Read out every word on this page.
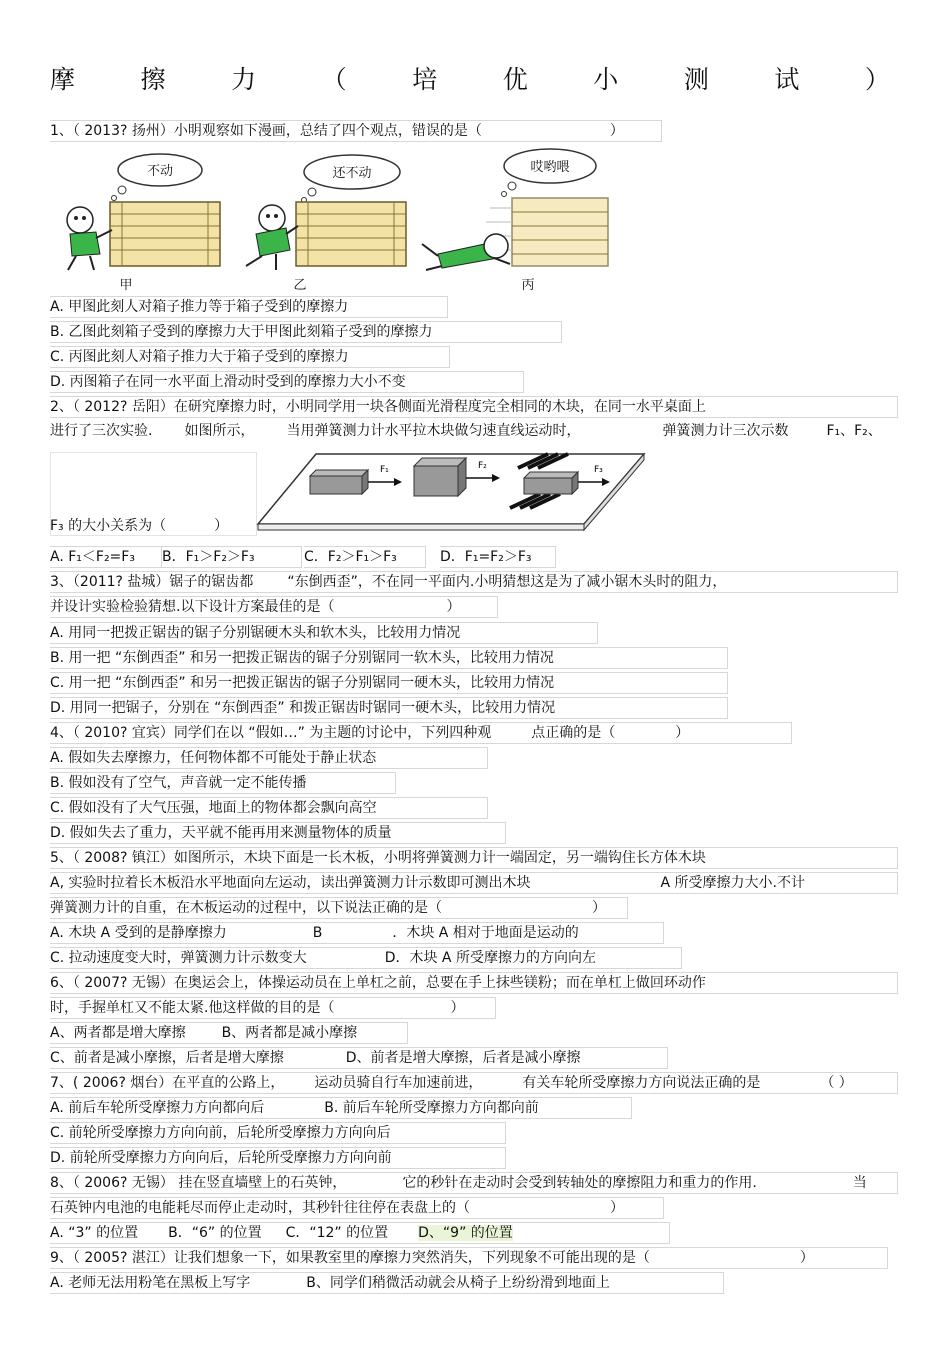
摩	擦	力	（	培	优	小	测	试	）
1、（ 2013? 扬州）小明观察如下漫画，总结了四个观点，错误的是（	）
不动
甲
还不动
乙
哎哟喂
丙
A. 甲图此刻人对箱子推力等于箱子受到的摩擦力
B. 乙图此刻箱子受到的摩擦力大于甲图此刻箱子受到的摩擦力
C. 丙图此刻人对箱子推力大于箱子受到的摩擦力
D. 丙图箱子在同一水平面上滑动时受到的摩擦力大小不变
2、（ 2012? 岳阳）在研究摩擦力时，小明同学用一块各侧面光滑程度完全相同的木块，在同一水平桌面上
进行了三次实验. 如图所示， 当用弹簧测力计水平拉木块做匀速直线运动时，	弹簧测力计三次示数	F₁、F₂、
F₃ 的大小关系为（	）
F₁	F₂	F₃
A. F₁＜F₂=F₃	B．F₁＞F₂＞F₃	C．F₂＞F₁＞F₃	D．F₁=F₂＞F₃
3、（2011? 盐城）锯子的锯齿都 “东倒西歪”，不在同一平面内.小明猜想这是为了减小锯木头时的阻力，
并设计实验检验猜想.以下设计方案最佳的是（	）
A. 用同一把拨正锯齿的锯子分别锯硬木头和软木头，比较用力情况
B. 用一把 “东倒西歪” 和另一把拨正锯齿的锯子分别锯同一软木头，比较用力情况
C. 用一把 “东倒西歪” 和另一把拨正锯齿的锯子分别锯同一硬木头，比较用力情况
D. 用同一把锯子，分别在 “东倒西歪” 和拨正锯齿时锯同一硬木头，比较用力情况
4、（ 2010? 宜宾）同学们在以 “假如…” 为主题的讨论中，下列四种观	点正确的是（	）
A. 假如失去摩擦力，任何物体都不可能处于静止状态
B. 假如没有了空气，声音就一定不能传播
C. 假如没有了大气压强，地面上的物体都会飘向高空
D. 假如失去了重力，天平就不能再用来测量物体的质量
5、（ 2008? 镇江）如图所示，木块下面是一长木板，小明将弹簧测力计一端固定，另一端钩住长方体木块
A, 实验时拉着长木板沿水平地面向左运动，读出弹簧测力计示数即可测出木块	A 所受摩擦力大小.不计
弹簧测力计的自重，在木板运动的过程中，以下说法正确的是（	）
A. 木块 A 受到的是静摩擦力	B	．木块 A 相对于地面是运动的
C. 拉动速度变大时，弹簧测力计示数变大	D．木块 A 所受摩擦力的方向向左
6、（ 2007? 无锡）在奥运会上，体操运动员在上单杠之前，总要在手上抹些镁粉；而在单杠上做回环动作
时，手握单杠又不能太紧.他这样做的目的是（	）
A、两者都是增大摩擦	B、两者都是减小摩擦
C、前者是减小摩擦，后者是增大摩擦	D、前者是增大摩擦，后者是减小摩擦
7、( 2006? 烟台）在平直的公路上， 运动员骑自行车加速前进，	有关车轮所受摩擦力方向说法正确的是	（ ）
A. 前后车轮所受摩擦力方向都向后	B. 前后车轮所受摩擦力方向都向前
C. 前轮所受摩擦力方向向前，后轮所受摩擦力方向向后
D. 前轮所受摩擦力方向向后，后轮所受摩擦力方向向前
8、（ 2006? 无锡） 挂在竖直墙壁上的石英钟，	它的秒针在走动时会受到转轴处的摩擦阻力和重力的作用.	当
石英钟内电池的电能耗尽而停止走动时，其秒针往往停在表盘上的（	）
A. “3” 的位置 B．“6” 的位置 C．“12” 的位置 D、“9” 的位置
9、（ 2005? 湛江）让我们想象一下，如果教室里的摩擦力突然消失，下列现象不可能出现的是（	）
A. 老师无法用粉笔在黑板上写字	B、同学们稍微活动就会从椅子上纷纷滑到地面上
